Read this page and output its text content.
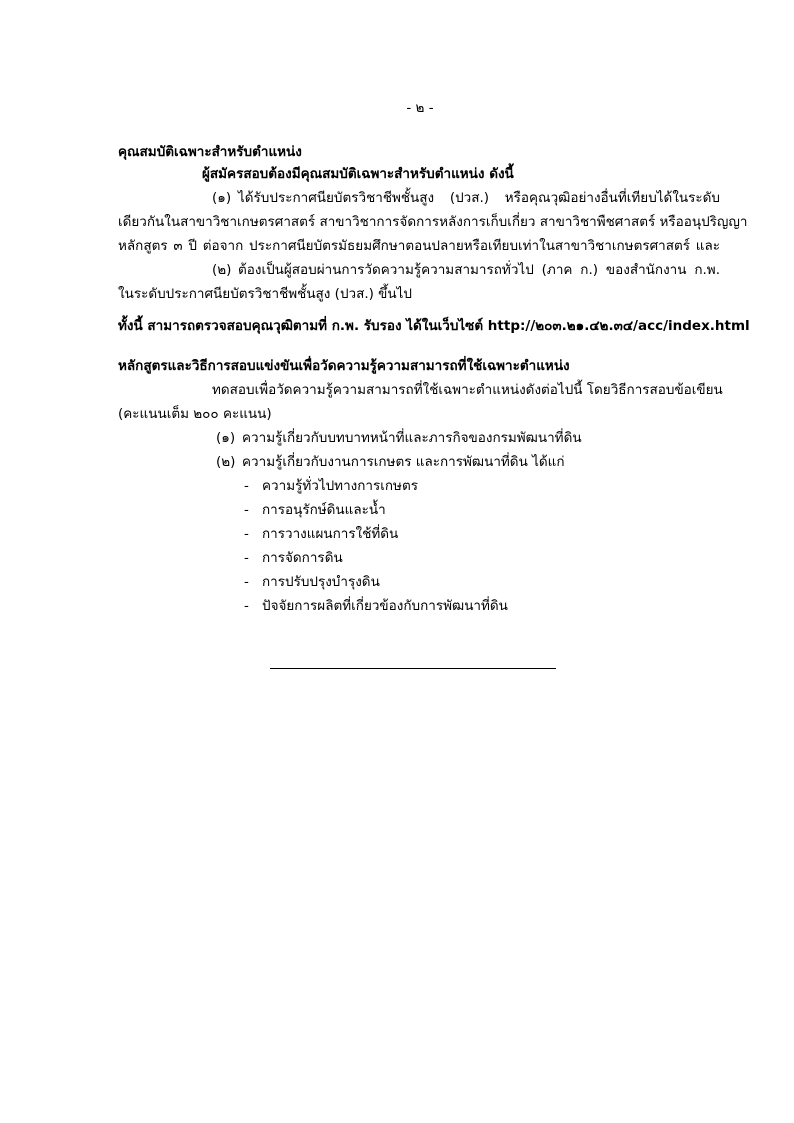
- ๒ -
คุณสมบัติเฉพาะสำหรับตำแหน่ง
ผู้สมัครสอบต้องมีคุณสมบัติเฉพาะสำหรับตำแหน่ง ดังนี้
(๑) ได้รับประกาศนียบัตรวิชาชีพชั้นสูง (ปวส.) หรือคุณวุฒิอย่างอื่นที่เทียบได้ในระดับ
เดียวกันในสาขาวิชาเกษตรศาสตร์ สาขาวิชาการจัดการหลังการเก็บเกี่ยว สาขาวิชาพืชศาสตร์ หรืออนุปริญญา
หลักสูตร ๓ ปี ต่อจาก ประกาศนียบัตรมัธยมศึกษาตอนปลายหรือเทียบเท่าในสาขาวิชาเกษตรศาสตร์ และ
(๒) ต้องเป็นผู้สอบผ่านการวัดความรู้ความสามารถทั่วไป (ภาค ก.) ของสำนักงาน ก.พ.
ในระดับประกาศนียบัตรวิชาชีพชั้นสูง (ปวส.) ขึ้นไป
ทั้งนี้ สามารถตรวจสอบคุณวุฒิตามที่ ก.พ. รับรอง ได้ในเว็บไซต์ http://๒๐๓.๒๑.๔๒.๓๔/acc/index.html
หลักสูตรและวิธีการสอบแข่งขันเพื่อวัดความรู้ความสามารถที่ใช้เฉพาะตำแหน่ง
ทดสอบเพื่อวัดความรู้ความสามารถที่ใช้เฉพาะตำแหน่งดังต่อไปนี้ โดยวิธีการสอบข้อเขียน
(คะแนนเต็ม ๒๐๐ คะแนน)
(๑) ความรู้เกี่ยวกับบทบาทหน้าที่และภารกิจของกรมพัฒนาที่ดิน
(๒) ความรู้เกี่ยวกับงานการเกษตร และการพัฒนาที่ดิน ได้แก่
- ความรู้ทั่วไปทางการเกษตร
- การอนุรักษ์ดินและน้ำ
- การวางแผนการใช้ที่ดิน
- การจัดการดิน
- การปรับปรุงบำรุงดิน
- ปัจจัยการผลิตที่เกี่ยวข้องกับการพัฒนาที่ดิน
